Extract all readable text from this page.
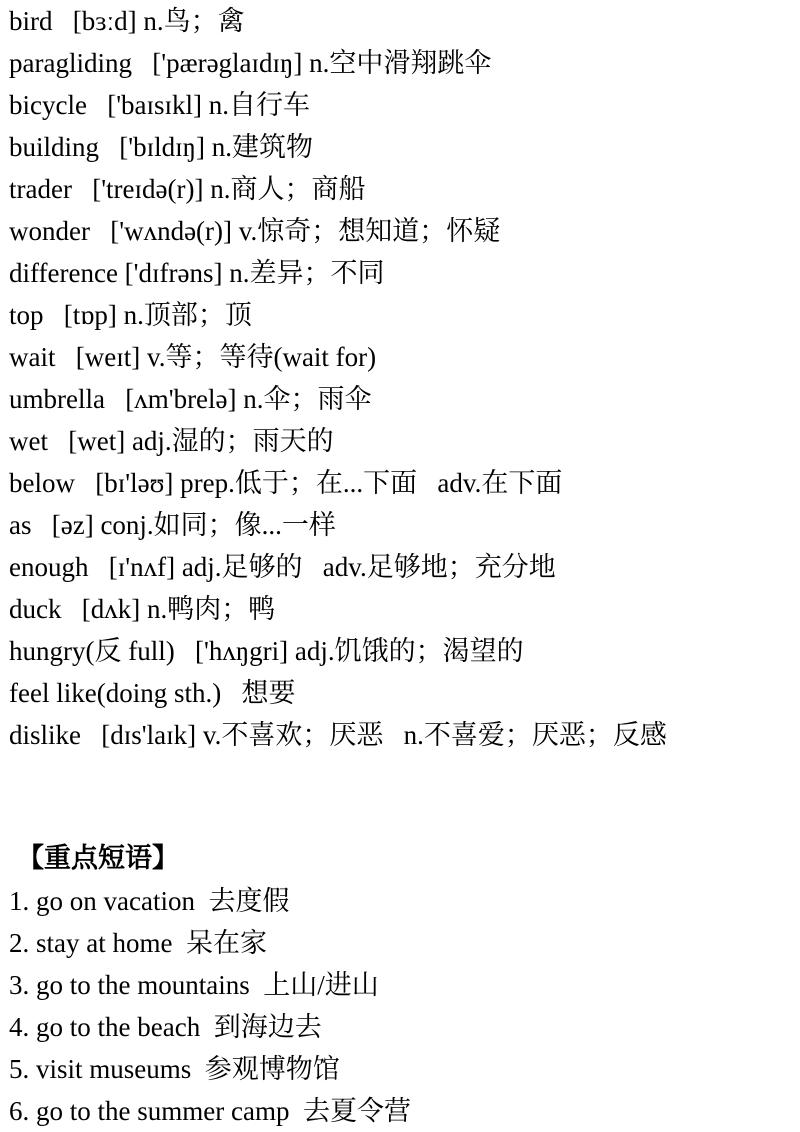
bird   [bɜːd] n.鸟；禽
paragliding   ['pærəglaɪdɪŋ] n.空中滑翔跳伞
bicycle   ['baɪsɪkl] n.自行车
building   ['bɪldɪŋ] n.建筑物
trader   ['treɪdə(r)] n.商人；商船
wonder   ['wʌndə(r)] v.惊奇；想知道；怀疑
difference ['dɪfrəns] n.差异；不同
top   [tɒp] n.顶部；顶
wait   [weɪt] v.等；等待(wait for)
umbrella   [ʌm'brelə] n.伞；雨伞
wet   [wet] adj.湿的；雨天的
below   [bɪ'ləʊ] prep.低于；在...下面   adv.在下面
as   [əz] conj.如同；像...一样
enough   [ɪ'nʌf] adj.足够的   adv.足够地；充分地
duck   [dʌk] n.鸭肉；鸭
hungry(反 full)   ['hʌŋgri] adj.饥饿的；渴望的
feel like(doing sth.)   想要
dislike   [dɪs'laɪk] v.不喜欢；厌恶   n.不喜爱；厌恶；反感
【重点短语】
1. go on vacation  去度假
2. stay at home  呆在家
3. go to the mountains  上山/进山
4. go to the beach  到海边去
5. visit museums  参观博物馆
6. go to the summer camp  去夏令营
